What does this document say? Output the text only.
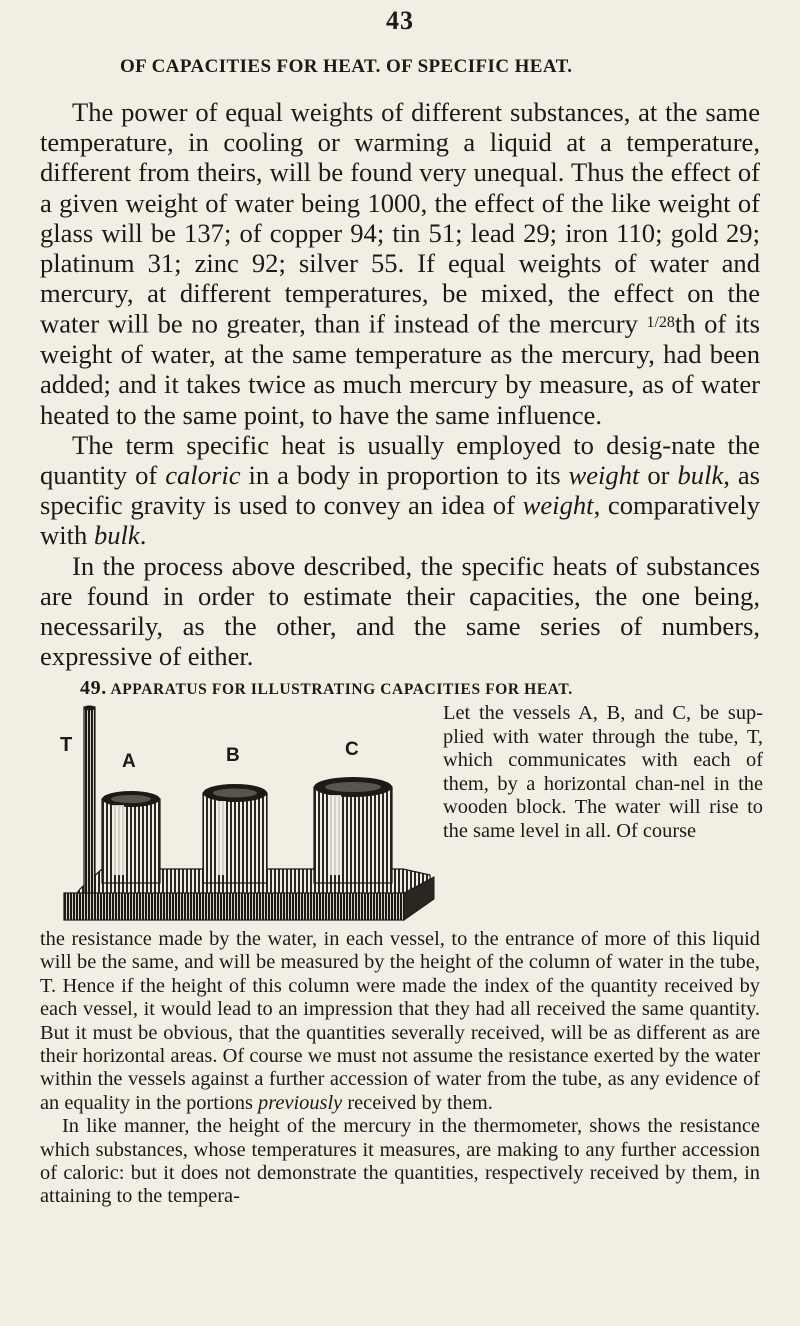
43
OF CAPACITIES FOR HEAT. OF SPECIFIC HEAT.

The power of equal weights of different substances, at the same temperature, in cooling or warming a liquid at a temperature, different from theirs, will be found very unequal. Thus the effect of a given weight of water being 1000, the effect of the like weight of glass will be 137; of copper 94; tin 51; lead 29; iron 110; gold 29; platinum 31; zinc 92; silver 55. If equal weights of water and mercury, at different temperatures, be mixed, the effect on the water will be no greater, than if instead of the mercury $^{1/28}$th of its weight of water, at the same temperature as the mercury, had been added; and it takes twice as much mercury by measure, as of water heated to the same point, to have the same influence.

The term specific heat is usually employed to desig-nate the quantity of caloric in a body in proportion to its weight or bulk, as specific gravity is used to convey an idea of weight, comparatively with bulk.

In the process above described, the specific heats of substances are found in order to estimate their capacities, the one being, necessarily, as the other, and the same series of numbers, expressive of either.

49. APPARATUS FOR ILLUSTRATING CAPACITIES FOR HEAT.
T
A	B	C
Let the vessels A, B, and C, be sup-plied with water through the tube, T, which communicates with each of them, by a horizontal chan-nel in the wooden block. The water will rise to the same level in all. Of course

the resistance made by the water, in each vessel, to the entrance of more of this liquid will be the same, and will be measured by the height of the column of water in the tube, T. Hence if the height of this column were made the index of the quantity received by each vessel, it would lead to an impression that they had all received the same quantity. But it must be obvious, that the quantities severally received, will be as different as are their horizontal areas. Of course we must not assume the resistance exerted by the water within the vessels against a further accession of water from the tube, as any evidence of an equality in the portions previously received by them.

In like manner, the height of the mercury in the thermometer, shows the resistance which substances, whose temperatures it measures, are making to any further accession of caloric: but it does not demonstrate the quantities, respectively received by them, in attaining to the tempera-
